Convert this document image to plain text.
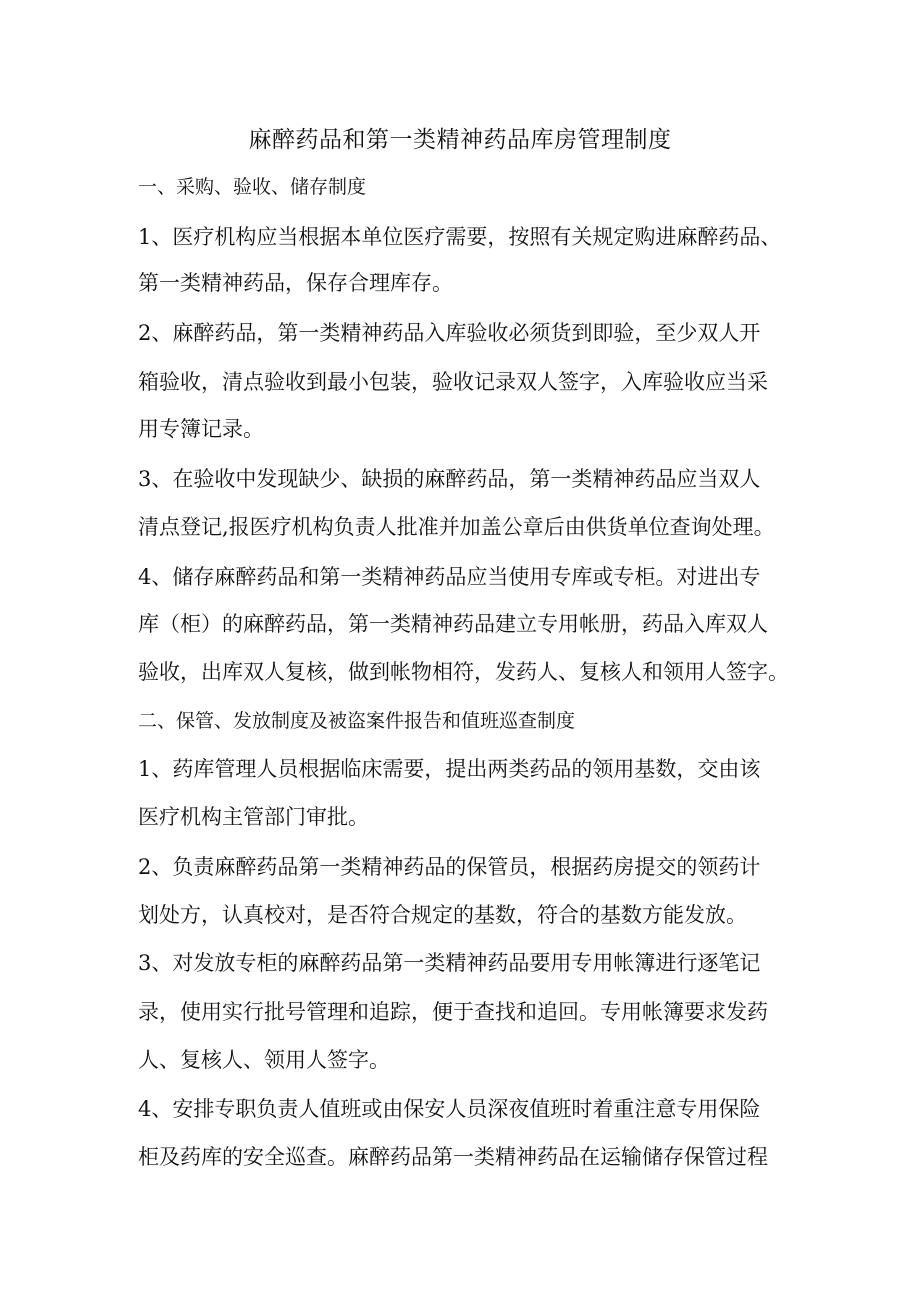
麻醉药品和第一类精神药品库房管理制度
一、采购、验收、储存制度
1、医疗机构应当根据本单位医疗需要，按照有关规定购进麻醉药品、
第一类精神药品，保存合理库存。
2、麻醉药品，第一类精神药品入库验收必须货到即验，至少双人开
箱验收，清点验收到最小包装，验收记录双人签字，入库验收应当采
用专簿记录。
3、在验收中发现缺少、缺损的麻醉药品，第一类精神药品应当双人
清点登记,报医疗机构负责人批准并加盖公章后由供货单位查询处理。
4、储存麻醉药品和第一类精神药品应当使用专库或专柜。对进出专
库（柜）的麻醉药品，第一类精神药品建立专用帐册，药品入库双人
验收，出库双人复核，做到帐物相符，发药人、复核人和领用人签字。
二、保管、发放制度及被盗案件报告和值班巡查制度
1、药库管理人员根据临床需要，提出两类药品的领用基数，交由该
医疗机构主管部门审批。
2、负责麻醉药品第一类精神药品的保管员，根据药房提交的领药计
划处方，认真校对，是否符合规定的基数，符合的基数方能发放。
3、对发放专柜的麻醉药品第一类精神药品要用专用帐簿进行逐笔记
录，使用实行批号管理和追踪，便于查找和追回。专用帐簿要求发药
人、复核人、领用人签字。
4、安排专职负责人值班或由保安人员深夜值班时着重注意专用保险
柜及药库的安全巡查。麻醉药品第一类精神药品在运输储存保管过程
